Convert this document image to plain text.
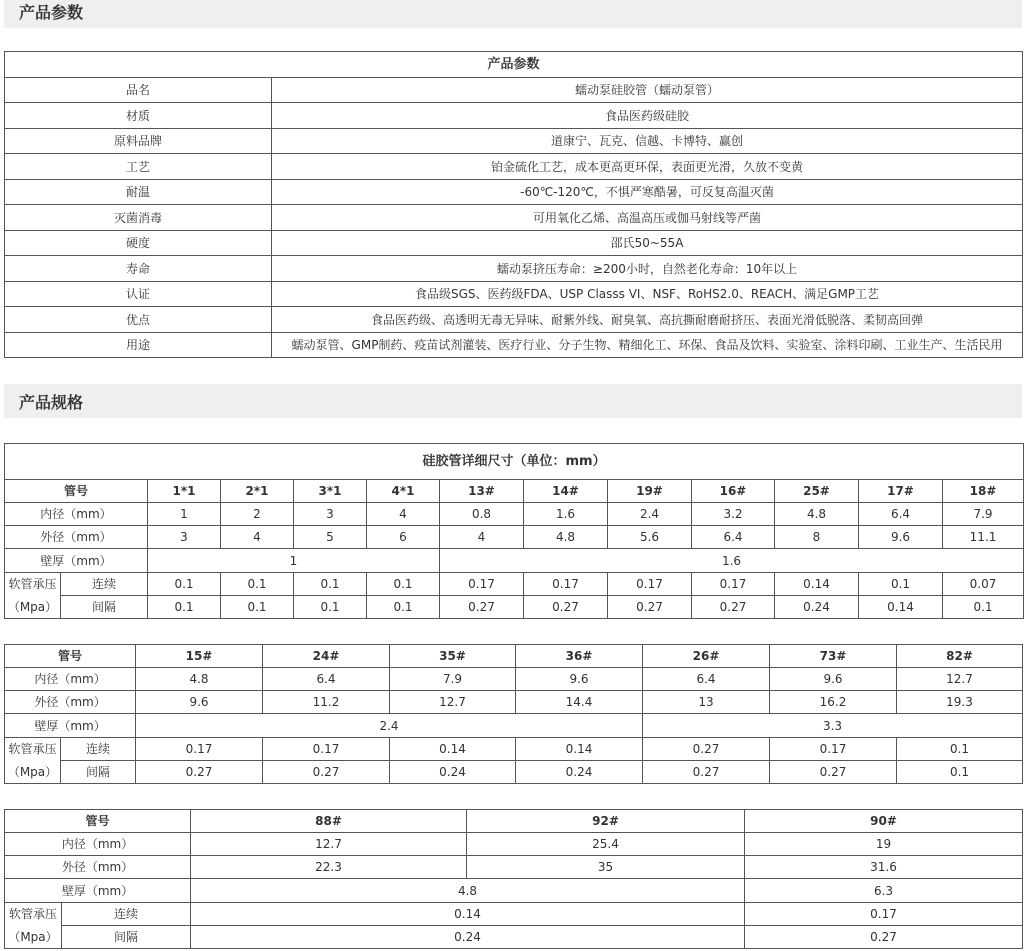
产品参数
产品参数	
品名	蠕动泵硅胶管（蠕动泵管）
材质	食品医药级硅胶
原料品牌	道康宁、瓦克、信越、卡博特、赢创
工艺	铂金硫化工艺，成本更高更环保，表面更光滑，久放不变黄
耐温	-60℃-120℃，不惧严寒酷暑，可反复高温灭菌
灭菌消毒	可用氧化乙烯、高温高压或伽马射线等严菌
硬度	邵氏50~55A
寿命	蠕动泵挤压寿命：≥200小时，自然老化寿命：10年以上
认证	食品级SGS、医药级FDA、USP Classs VI、NSF、RoHS2.0、REACH、满足GMP工艺
优点	食品医药级、高透明无毒无异味、耐紫外线、耐臭氧、高抗撕耐磨耐挤压、表面光滑低脱落、柔韧高回弹
用途	蠕动泵管、GMP制药、疫苗试剂灌装、医疗行业、分子生物、精细化工、环保、食品及饮料、实验室、涂料印刷、工业生产、生活民用
产品规格
硅胶管详细尺寸（单位：mm）												
管号		1*1	2*1	3*1	4*1	13#	14#	19#	16#	25#	17#	18#
内径（mm）		1	2	3	4	0.8	1.6	2.4	3.2	4.8	6.4	7.9
外径（mm）		3	4	5	6	4	4.8	5.6	6.4	8	9.6	11.1
壁厚（mm）		1				1.6						
软管承压	连续	0.1	0.1	0.1	0.1	0.17	0.17	0.17	0.17	0.14	0.1	0.07
（Mpa）	间隔	0.1	0.1	0.1	0.1	0.27	0.27	0.27	0.27	0.24	0.14	0.1
管号		15#	24#	35#	36#	26#	73#	82#
内径（mm）		4.8	6.4	7.9	9.6	6.4	9.6	12.7
外径（mm）		9.6	11.2	12.7	14.4	13	16.2	19.3
壁厚（mm）		2.4				3.3		
软管承压	连续	0.17	0.17	0.14	0.14	0.27	0.17	0.1
（Mpa）	间隔	0.27	0.27	0.24	0.24	0.27	0.27	0.1
管号		88#	92#	90#
内径（mm）		12.7	25.4	19
外径（mm）		22.3	35	31.6
壁厚（mm）		4.8		6.3
软管承压	连续	0.14		0.17
（Mpa）	间隔	0.24		0.27
